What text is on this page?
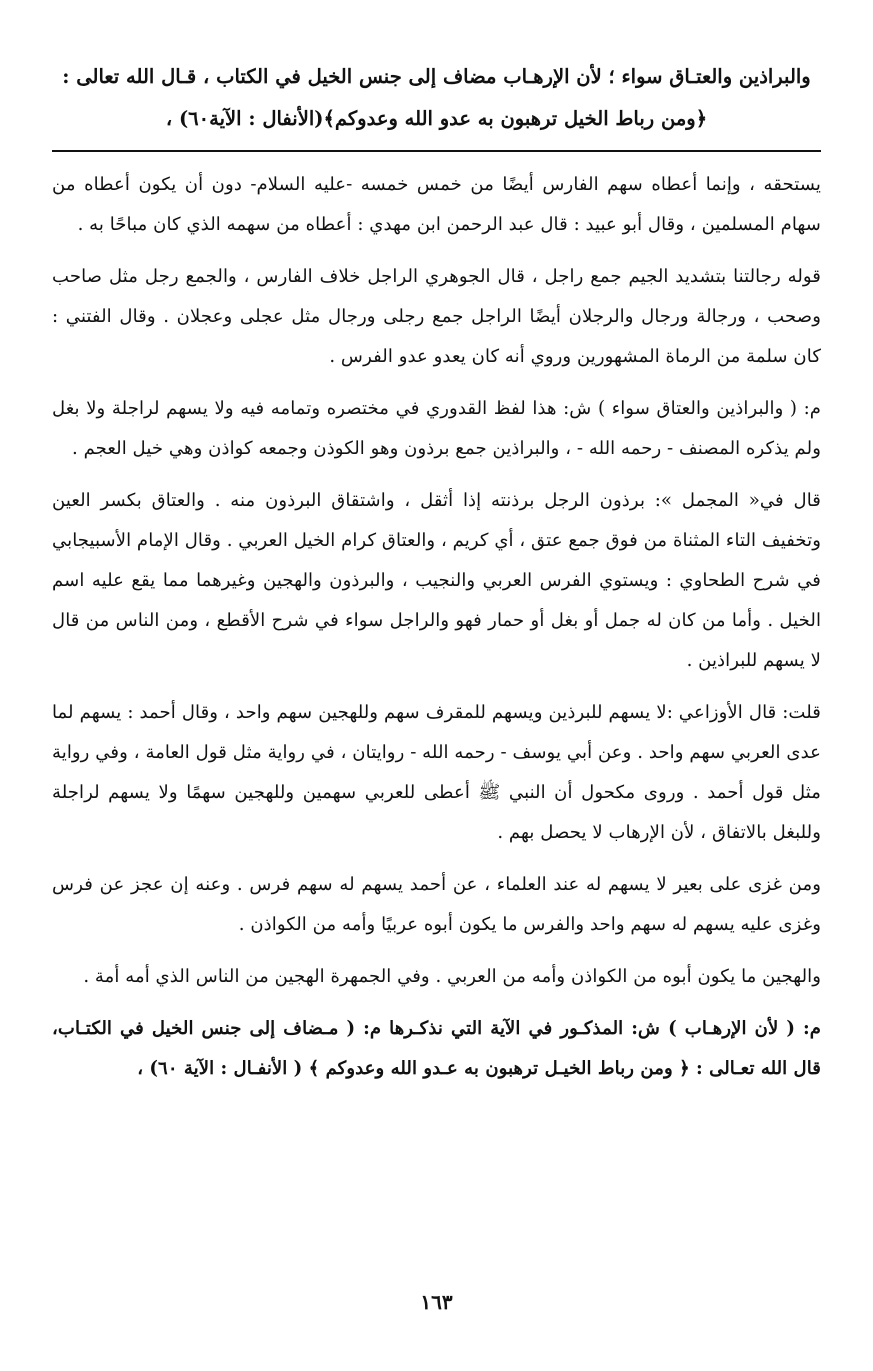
والبراذين والعتـاق سواء ؛ لأن الإرهـاب مضاف إلى جنس الخيل في الكتاب ، قـال الله تعالى :

﴿ومن رباط الخيل ترهبون به عدو الله وعدوكم﴾(الأنفال : الآية٦٠) ،

يستحقه ، وإنما أعطاه سهم الفارس أيضًا من خمس خمسه -عليه السلام- دون أن يكون أعطاه من سهام المسلمين ، وقال أبو عبيد : قال عبد الرحمن ابن مهدي : أعطاه من سهمه الذي كان مباحًا به .

قوله رجالتنا بتشديد الجيم جمع راجل ، قال الجوهري الراجل خلاف الفارس ، والجمع رجل مثل صاحب وصحب ، ورجالة ورجال والرجلان أيضًا الراجل جمع رجلى ورجال مثل عجلى وعجلان . وقال الفتني : كان سلمة من الرماة المشهورين وروي أنه كان يعدو عدو الفرس .

م: ( والبراذين والعتاق سواء ) ش: هذا لفظ القدوري في مختصره وتمامه فيه ولا يسهم لراجلة ولا بغل ولم يذكره المصنف - رحمه الله - ، والبراذين جمع برذون وهو الكوذن وجمعه كواذن وهي خيل العجم .

قال في« المجمل »: برذون الرجل برذنته إذا أثقل ، واشتقاق البرذون منه . والعتاق بكسر العين وتخفيف التاء المثناة من فوق جمع عتق ، أي كريم ، والعتاق كرام الخيل العربي . وقال الإمام الأسبيجابي في شرح الطحاوي : ويستوي الفرس العربي والنجيب ، والبرذون والهجين وغيرهما مما يقع عليه اسم الخيل . وأما من كان له جمل أو بغل أو حمار فهو والراجل سواء في شرح الأقطع ، ومن الناس من قال لا يسهم للبراذين .

قلت: قال الأوزاعي :لا يسهم للبرذين ويسهم للمقرف سهم وللهجين سهم واحد ، وقال أحمد : يسهم لما عدى العربي سهم واحد . وعن أبي يوسف - رحمه الله - روايتان ، في رواية مثل قول العامة ، وفي رواية مثل قول أحمد . وروى مكحول أن النبي ﷺ أعطى للعربي سهمين وللهجين سهمًا ولا يسهم لراجلة وللبغل بالاتفاق ، لأن الإرهاب لا يحصل بهم .

ومن غزى على بعير لا يسهم له عند العلماء ، عن أحمد يسهم له سهم فرس . وعنه إن عجز عن فرس وغزى عليه يسهم له سهم واحد والفرس ما يكون أبوه عربيًا وأمه من الكواذن .

والهجين ما يكون أبوه من الكواذن وأمه من العربي . وفي الجمهرة الهجين من الناس الذي أمه أمة .

م: ( لأن الإرهـاب ) ش: المذكـور في الآية التي نذكـرها م: ( مـضاف إلى جنس الخيل في الكتـاب، قال الله تعـالى : ﴿ ومن رباط الخيـل ترهبون به عـدو الله وعدوكم ﴾ ( الأنفـال : الآية ٦٠) ،

١٦٣
